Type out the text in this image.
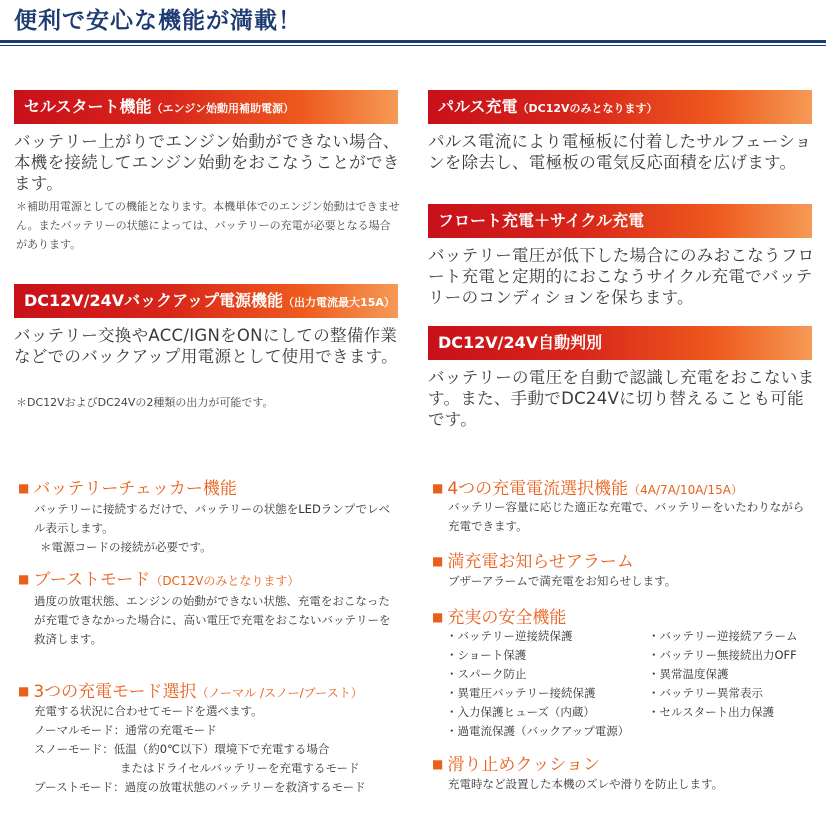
便利で安心な機能が満載！
セルスタート機能（エンジン始動用補助電源）

バッテリー上がりでエンジン始動ができない場合、本機を接続してエンジン始動をおこなうことができます。

＊補助用電源としての機能となります。本機単体でのエンジン始動はできません。またバッテリーの状態によっては、バッテリーの充電が必要となる場合があります。

DC12V/24Vバックアップ電源機能（出力電流最大15A）

バッテリー交換やACC/IGNをONにしての整備作業などでのバックアップ用電源として使用できます。

＊DC12VおよびDC24Vの2種類の出力が可能です。

パルス充電（DC12Vのみとなります）

パルス電流により電極板に付着したサルフェーションを除去し、電極板の電気反応面積を広げます。

フロート充電＋サイクル充電

バッテリー電圧が低下した場合にのみおこなうフロート充電と定期的におこなうサイクル充電でバッテリーのコンディションを保ちます。

DC12V/24V自動判別

バッテリーの電圧を自動で認識し充電をおこないます。また、手動でDC24Vに切り替えることも可能です。

■ バッテリーチェッカー機能

バッテリーに接続するだけで、バッテリーの状態をLEDランプでレベル表示します。

＊電源コードの接続が必要です。

■ ブーストモード（DC12Vのみとなります）

過度の放電状態、エンジンの始動ができない状態、充電をおこなったが充電できなかった場合に、高い電圧で充電をおこないバッテリーを救済します。

■ 3つの充電モード選択（ノーマル /スノー/ブースト）

充電する状況に合わせてモードを選べます。

ノーマルモード：通常の充電モード
スノーモード：低温（約0℃以下）環境下で充電する場合
またはドライセルバッテリーを充電するモード
ブーストモード：過度の放電状態のバッテリーを救済するモード
■ 4つの充電電流選択機能（4A/7A/10A/15A）

バッテリー容量に応じた適正な充電で、バッテリーをいたわりながら充電できます。

■ 満充電お知らせアラーム

ブザーアラームで満充電をお知らせします。

■ 充実の安全機能
・バッテリー逆接続保護
・ショート保護
・スパーク防止
・異電圧バッテリー接続保護
・入力保護ヒューズ（内蔵）
・過電流保護（バックアップ電源）
・バッテリー逆接続アラーム
・バッテリー無接続出力OFF
・異常温度保護
・バッテリー異常表示
・セルスタート出力保護
■ 滑り止めクッション

充電時など設置した本機のズレや滑りを防止します。
